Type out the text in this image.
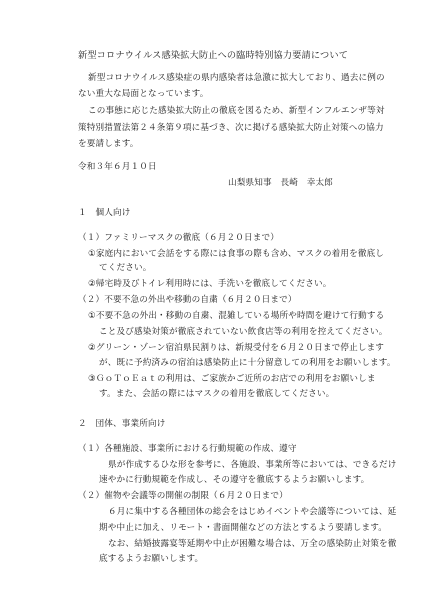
新型コロナウイルス感染拡大防止への臨時特別協力要請について
新型コロナウイルス感染症の県内感染者は急激に拡大しており、過去に例の
ない重大な局面となっています。
この事態に応じた感染拡大防止の徹底を図るため、新型インフルエンザ等対
策特別措置法第２４条第９項に基づき、次に掲げる感染拡大防止対策への協力
を要請します。
令和３年６月１０日
山梨県知事　長崎　幸太郎
１　個人向け
（１）ファミリーマスクの徹底（６月２０日まで）
①家庭内において会話をする際には食事の際も含め、マスクの着用を徹底し
てください。
②帰宅時及びトイレ利用時には、手洗いを徹底してください。
（２）不要不急の外出や移動の自粛（６月２０日まで）
①不要不急の外出・移動の自粛、混雑している場所や時間を避けて行動する
こと及び感染対策が徹底されていない飲食店等の利用を控えてください。
②グリーン・ゾーン宿泊県民割りは、新規受付を６月２０日まで停止します
が、既に予約済みの宿泊は感染防止に十分留意しての利用をお願いします。
③ＧｏＴｏＥａｔの利用は、ご家族かご近所のお店での利用をお願いしま
す。また、会話の際にはマスクの着用を徹底してください。
２　団体、事業所向け
（１）各種施設、事業所における行動規範の作成、遵守
県が作成するひな形を参考に、各施設、事業所等においては、できるだけ
速やかに行動規範を作成し、その遵守を徹底するようお願いします。
（２）催物や会議等の開催の制限（６月２０日まで）
６月に集中する各種団体の総会をはじめイベントや会議等については、延
期や中止に加え、リモート・書面開催などの方法とするよう要請します。
なお、結婚披露宴等延期や中止が困難な場合は、万全の感染防止対策を徹
底するようお願いします。
